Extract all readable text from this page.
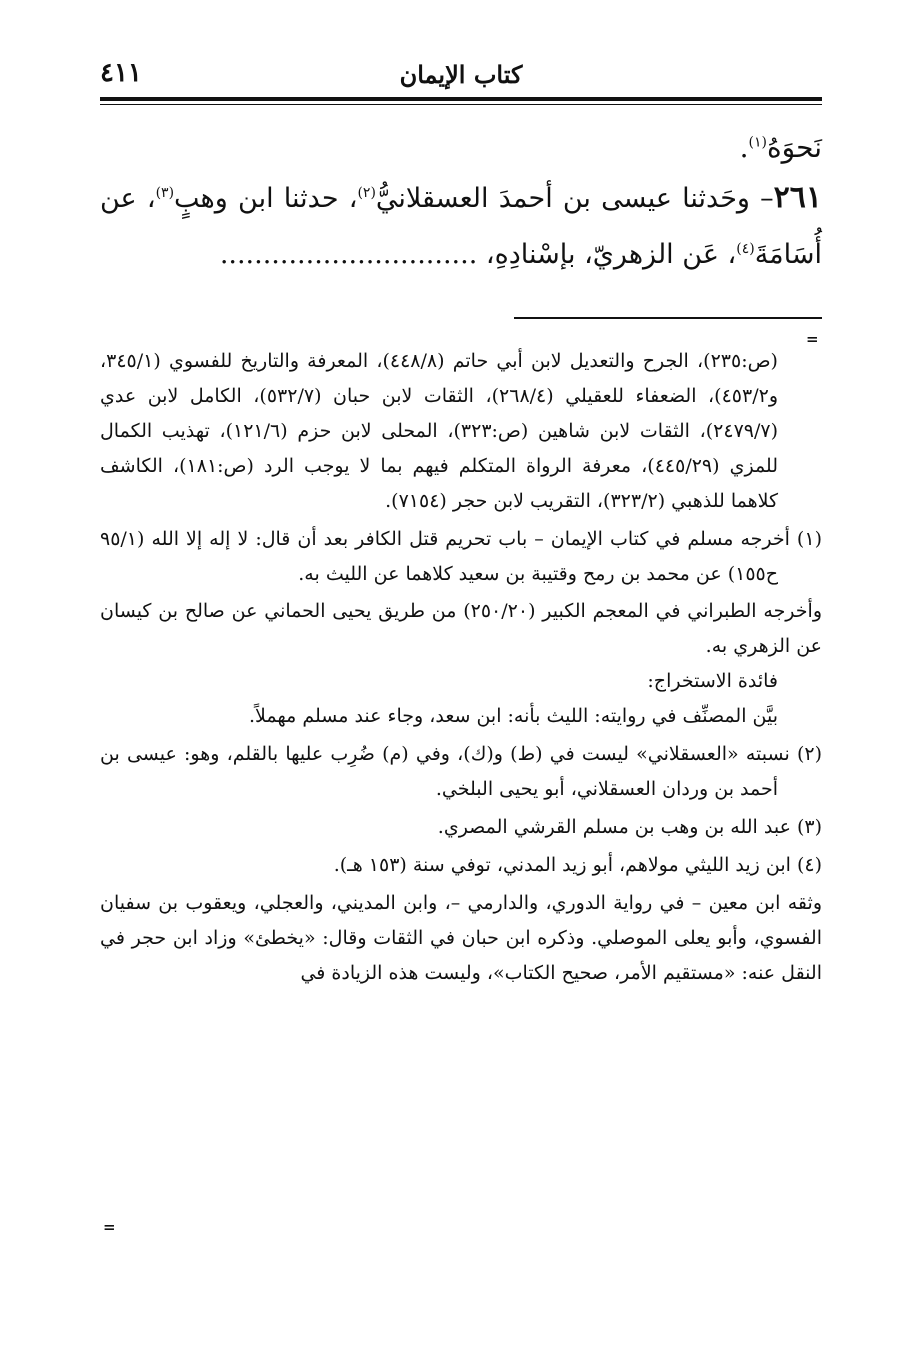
٤١١	كتاب الإيمان
نَحوَهُ$^{(١)}$.
٢٦١– وحَدثنا عيسى بن أحمدَ العسقلانيُّ$^{(٢)}$، حدثنا ابن وهبٍ$^{(٣)}$، عن أُسَامَةَ$^{(٤)}$، عَن الزهريّ، بإسْنادِهِ، ..............................
=

(ص:٢٣٥)، الجرح والتعديل لابن أبي حاتم (٤٤٨/٨)، المعرفة والتاريخ للفسوي (٣٤٥/١، و٤٥٣/٢)، الضعفاء للعقيلي (٢٦٨/٤)، الثقات لابن حبان (٥٣٢/٧)، الكامل لابن عدي (٢٤٧٩/٧)، الثقات لابن شاهين (ص:٣٢٣)، المحلى لابن حزم (١٢١/٦)، تهذيب الكمال للمزي (٤٤٥/٢٩)، معرفة الرواة المتكلم فيهم بما لا يوجب الرد (ص:١٨١)، الكاشف كلاهما للذهبي (٣٢٣/٢)، التقريب لابن حجر (٧١٥٤).

(١) أخرجه مسلم في كتاب الإيمان – باب تحريم قتل الكافر بعد أن قال: لا إله إلا الله (٩٥/١ ح١٥٥) عن محمد بن رمح وقتيبة بن سعيد كلاهما عن الليث به.

وأخرجه الطبراني في المعجم الكبير (٢٥٠/٢٠) من طريق يحيى الحماني عن صالح بن كيسان عن الزهري به.

فائدة الاستخراج:

بيَّن المصنِّف في روايته: الليث بأنه: ابن سعد، وجاء عند مسلم مهملاً.

(٢) نسبته «العسقلاني» ليست في (ط) و(ك)، وفي (م) ضُرِب عليها بالقلم، وهو: عيسى بن أحمد بن وردان العسقلاني، أبو يحيى البلخي.

(٣) عبد الله بن وهب بن مسلم القرشي المصري.

(٤) ابن زيد الليثي مولاهم، أبو زيد المدني، توفي سنة (١٥٣ هـ).

وثقه ابن معين – في رواية الدوري، والدارمي –، وابن المديني، والعجلي، ويعقوب بن سفيان الفسوي، وأبو يعلى الموصلي. وذكره ابن حبان في الثقات وقال: «يخطئ» وزاد ابن حجر في النقل عنه: «مستقيم الأمر، صحيح الكتاب»، وليست هذه الزيادة في

=
